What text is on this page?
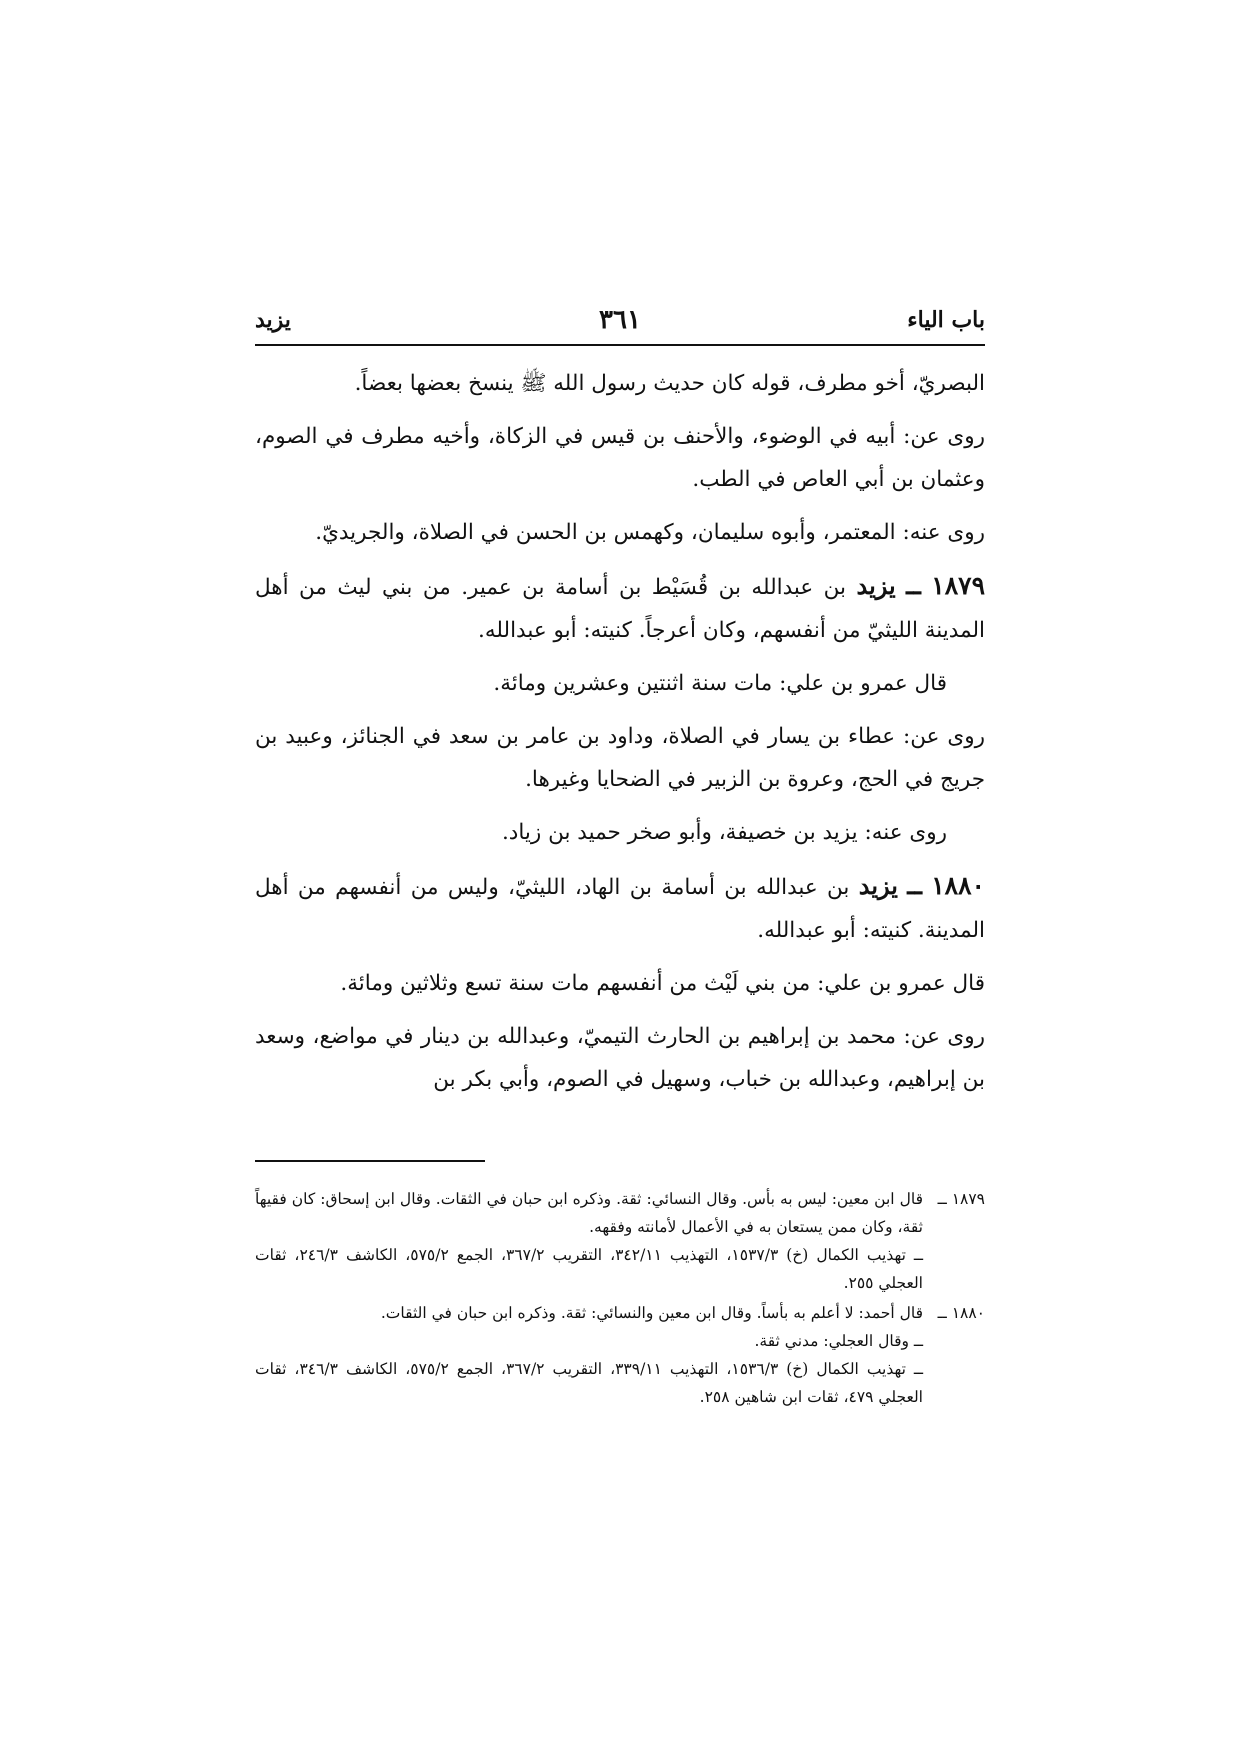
باب الياء
٣٦١
يزيد

البصريّ، أخو مطرف، قوله كان حديث رسول الله ﷺ ينسخ بعضها بعضاً.

روى عن: أبيه في الوضوء، والأحنف بن قيس في الزكاة، وأخيه مطرف في الصوم، وعثمان بن أبي العاص في الطب.

روى عنه: المعتمر، وأبوه سليمان، وكهمس بن الحسن في الصلاة، والجريديّ.

١٨٧٩ ــ يزيد بن عبدالله بن قُسَيْط بن أسامة بن عمير. من بني ليث من أهل المدينة الليثيّ من أنفسهم، وكان أعرجاً. كنيته: أبو عبدالله.

قال عمرو بن علي: مات سنة اثنتين وعشرين ومائة.

روى عن: عطاء بن يسار في الصلاة، وداود بن عامر بن سعد في الجنائز، وعبيد بن جريج في الحج، وعروة بن الزبير في الضحايا وغيرها.

روى عنه: يزيد بن خصيفة، وأبو صخر حميد بن زياد.

١٨٨٠ ــ يزيد بن عبدالله بن أسامة بن الهاد، الليثيّ، وليس من أنفسهم من أهل المدينة. كنيته: أبو عبدالله.

قال عمرو بن علي: من بني لَيْث من أنفسهم مات سنة تسع وثلاثين ومائة.

روى عن: محمد بن إبراهيم بن الحارث التيميّ، وعبدالله بن دينار في مواضع، وسعد بن إبراهيم، وعبدالله بن خباب، وسهيل في الصوم، وأبي بكر بن

١٨٧٩ ــ
قال ابن معين: ليس به بأس. وقال النسائي: ثقة. وذكره ابن حبان في الثقات. وقال ابن إسحاق: كان فقيهاً ثقة، وكان ممن يستعان به في الأعمال لأمانته وفقهه.
ــ تهذيب الكمال (خ) ١٥٣٧/٣، التهذيب ٣٤٢/١١، التقريب ٣٦٧/٢، الجمع ٥٧٥/٢، الكاشف ٢٤٦/٣، ثقات العجلي ٢٥٥.
١٨٨٠ ــ
قال أحمد: لا أعلم به بأساً. وقال ابن معين والنسائي: ثقة. وذكره ابن حبان في الثقات.
ــ وقال العجلي: مدني ثقة.
ــ تهذيب الكمال (خ) ١٥٣٦/٣، التهذيب ٣٣٩/١١، التقريب ٣٦٧/٢، الجمع ٥٧٥/٢، الكاشف ٣٤٦/٣، ثقات العجلي ٤٧٩، ثقات ابن شاهين ٢٥٨.
